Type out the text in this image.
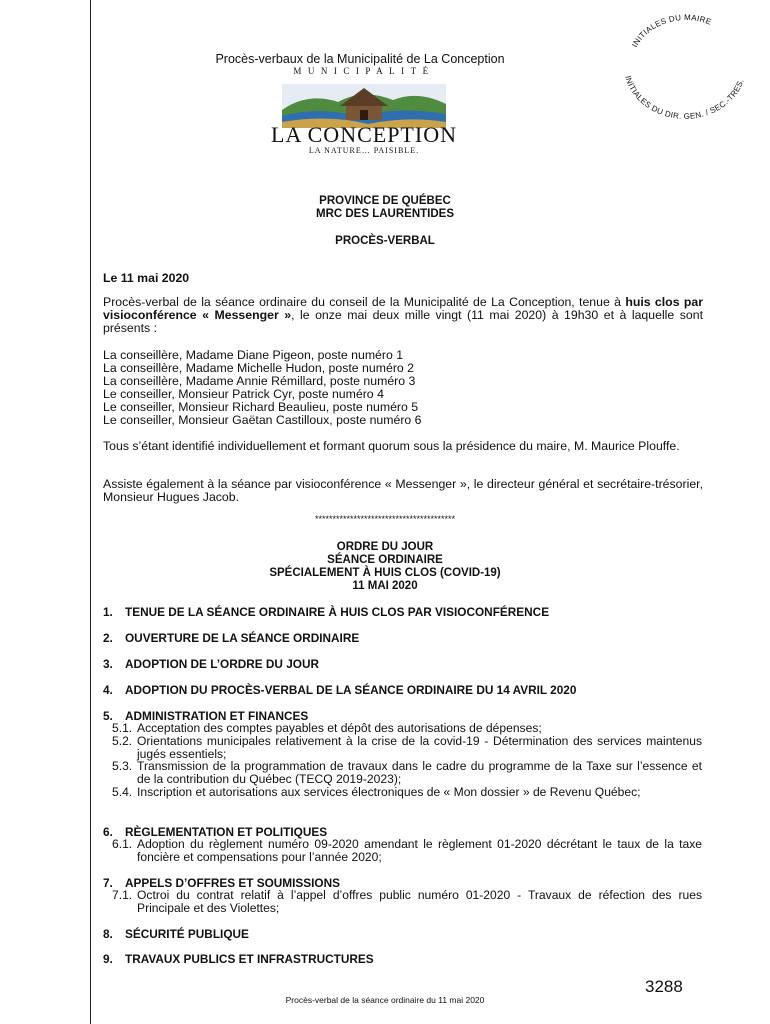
Procès-verbaux de la Municipalité de La Conception
MUNICIPALITÉ
LA CONCEPTION
LA NATURE… PAISIBLE.
INITIALES DU MAIRE
INITIALES DU DIR. GEN. / SEC.-TRES.
PROVINCE DE QUÉBEC
MRC DES LAURENTIDES
PROCÈS-VERBAL
Le 11 mai 2020
Procès-verbal de la séance ordinaire du conseil de la Municipalité de La Conception, tenue à huis clos par visioconférence « Messenger », le onze mai deux mille vingt (11 mai 2020) à 19h30 et à laquelle sont présents :
La conseillère, Madame Diane Pigeon, poste numéro 1
La conseillère, Madame Michelle Hudon, poste numéro 2
La conseillère, Madame Annie Rémillard, poste numéro 3
Le conseiller, Monsieur Patrick Cyr, poste numéro 4
Le conseiller, Monsieur Richard Beaulieu, poste numéro 5
Le conseiller, Monsieur Gaëtan Castilloux, poste numéro 6
Tous s’étant identifié individuellement et formant quorum sous la présidence du maire, M. Maurice Plouffe.
Assiste également à la séance par visioconférence « Messenger », le directeur général et secrétaire-trésorier, Monsieur Hugues Jacob.
****************************************
ORDRE DU JOUR
SÉANCE ORDINAIRE
SPÉCIALEMENT À HUIS CLOS (COVID-19)
11 MAI 2020
1. TENUE DE LA SÉANCE ORDINAIRE À HUIS CLOS PAR VISIOCONFÉRENCE
2. OUVERTURE DE LA SÉANCE ORDINAIRE
3. ADOPTION DE L’ORDRE DU JOUR
4. ADOPTION DU PROCÈS-VERBAL DE LA SÉANCE ORDINAIRE DU 14 AVRIL 2020
5. ADMINISTRATION ET FINANCES
5.1. Acceptation des comptes payables et dépôt des autorisations de dépenses;
5.2. Orientations municipales relativement à la crise de la covid-19 - Détermination des services maintenus jugés essentiels;
5.3. Transmission de la programmation de travaux dans le cadre du programme de la Taxe sur l’essence et de la contribution du Québec (TECQ 2019-2023);
5.4. Inscription et autorisations aux services électroniques de « Mon dossier » de Revenu Québec;
6. RÈGLEMENTATION ET POLITIQUES
6.1. Adoption du règlement numéro 09-2020 amendant le règlement 01-2020 décrétant le taux de la taxe foncière et compensations pour l’année 2020;
7. APPELS D’OFFRES ET SOUMISSIONS
7.1. Octroi du contrat relatif à l’appel d’offres public numéro 01-2020 - Travaux de réfection des rues Principale et des Violettes;
8. SÉCURITÉ PUBLIQUE
9. TRAVAUX PUBLICS ET INFRASTRUCTURES
3288
Procès-verbal de la séance ordinaire du 11 mai 2020
